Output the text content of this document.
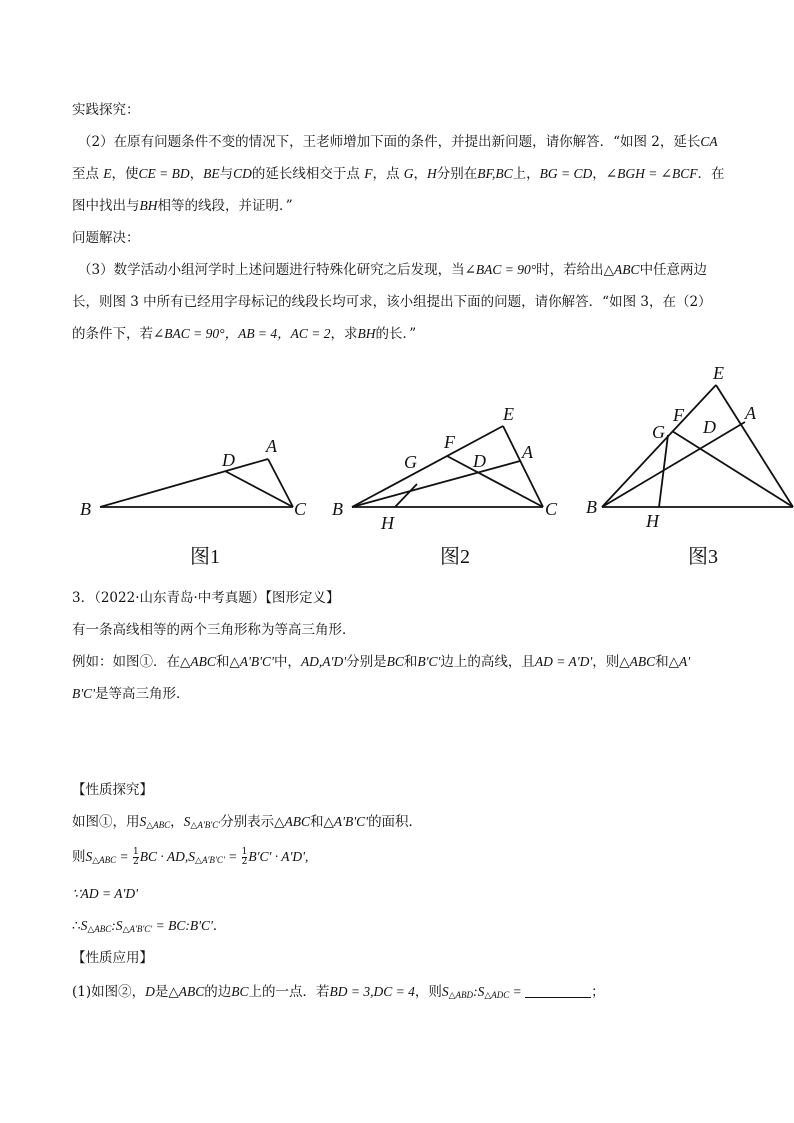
实践探究：
（2）在原有问题条件不变的情况下，王老师增加下面的条件，并提出新问题，请你解答．“如图 2，延长CA
至点 E，使CE = BD，BE与CD的延长线相交于点 F，点 G，H分别在BF,BC上，BG = CD，∠BGH = ∠BCF．在
图中找出与BH相等的线段，并证明．”
问题解决：
（3）数学活动小组河学时上述问题进行特殊化研究之后发现，当∠BAC = 90°时，若给出△ABC中任意两边
长，则图 3 中所有已经用字母标记的线段长均可求，该小组提出下面的问题，请你解答．“如图 3，在（2）
的条件下，若∠BAC = 90°，AB = 4，AC = 2，求BH的长．”
B	C
D
A
B	C
H
G
F
E
D A
B
H
G
F
E
D
A
图1	图2	图3
3．（2022·山东青岛·中考真题）【图形定义】
有一条高线相等的两个三角形称为等高三角形．
例如：如图①．在△ABC和△A'B'C'中，AD,A'D'分别是BC和B'C'边上的高线，且AD = A'D'，则△ABC和△A'
B'C'是等高三角形．
【性质探究】
如图①，用$S_{\triangle ABC}$，$S_{\triangle A'B'C'}$分别表示△ABC和△A'B'C'的面积．
则$S_{\triangle ABC} = \frac{1}{2}$ BC · $AD,S_{\triangle A'B'C'} = \frac{1}{2} B'C' \cdot A'D'$,
∵AD = A'D'
$\therefore S_{\triangle ABC}:S_{\triangle A'B'C'}$ = BC:B'C'．
【性质应用】
(1)如图②，D是△ABC的边BC上的一点．若BD = 3,DC = 4，则$S_{\triangle ABD}:S_{\triangle ADC}$ =	；
